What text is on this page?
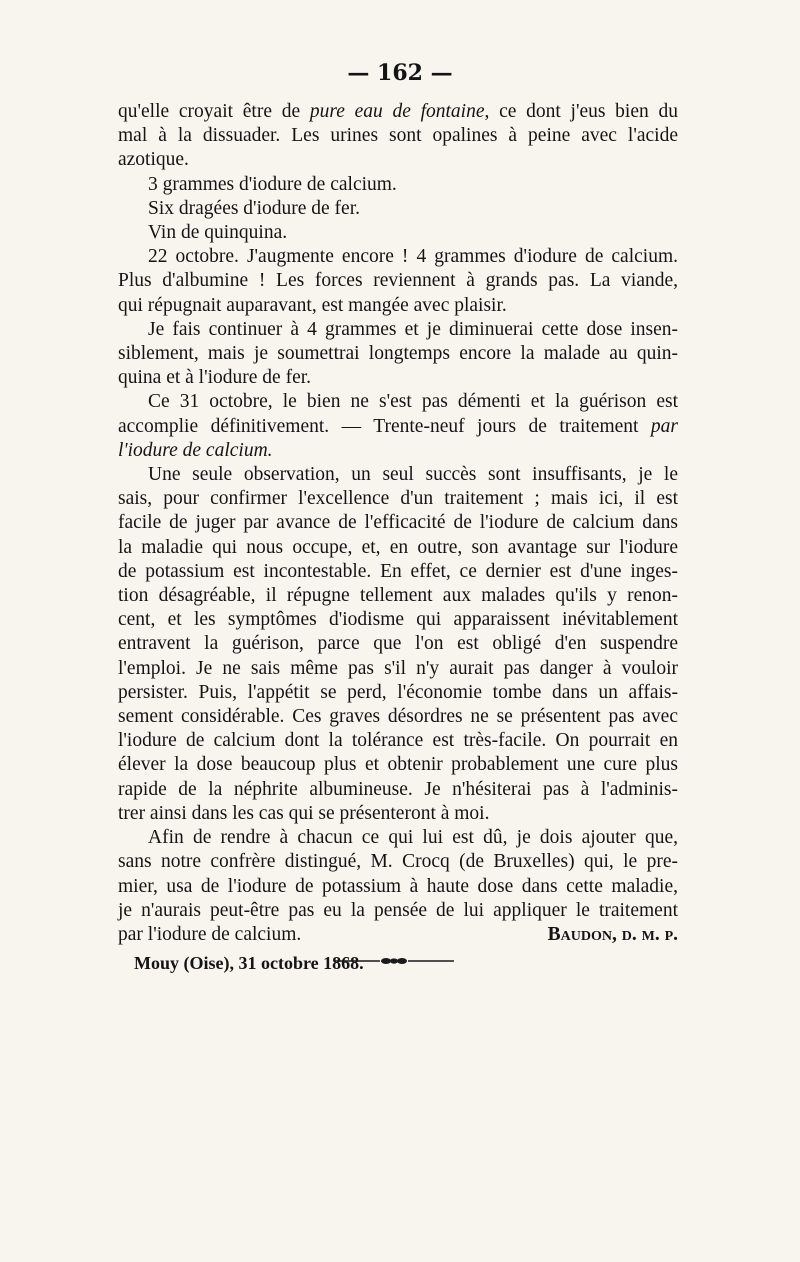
— 162 —
qu'elle croyait être de pure eau de fontaine, ce dont j'eus bien du
mal à la dissuader. Les urines sont opalines à peine avec l'acide
azotique.
3 grammes d'iodure de calcium.
Six dragées d'iodure de fer.
Vin de quinquina.
22 octobre. J'augmente encore ! 4 grammes d'iodure de calcium.
Plus d'albumine ! Les forces reviennent à grands pas. La viande,
qui répugnait auparavant, est mangée avec plaisir.
Je fais continuer à 4 grammes et je diminuerai cette dose insen-
siblement, mais je soumettrai longtemps encore la malade au quin-
quina et à l'iodure de fer.
Ce 31 octobre, le bien ne s'est pas démenti et la guérison est
accomplie définitivement. — Trente-neuf jours de traitement par
l'iodure de calcium.
Une seule observation, un seul succès sont insuffisants, je le
sais, pour confirmer l'excellence d'un traitement ; mais ici, il est
facile de juger par avance de l'efficacité de l'iodure de calcium dans
la maladie qui nous occupe, et, en outre, son avantage sur l'iodure
de potassium est incontestable. En effet, ce dernier est d'une inges-
tion désagréable, il répugne tellement aux malades qu'ils y renon-
cent, et les symptômes d'iodisme qui apparaissent inévitablement
entravent la guérison, parce que l'on est obligé d'en suspendre
l'emploi. Je ne sais même pas s'il n'y aurait pas danger à vouloir
persister. Puis, l'appétit se perd, l'économie tombe dans un affais-
sement considérable. Ces graves désordres ne se présentent pas avec
l'iodure de calcium dont la tolérance est très-facile. On pourrait en
élever la dose beaucoup plus et obtenir probablement une cure plus
rapide de la néphrite albumineuse. Je n'hésiterai pas à l'adminis-
trer ainsi dans les cas qui se présenteront à moi.
Afin de rendre à chacun ce qui lui est dû, je dois ajouter que,
sans notre confrère distingué, M. Crocq (de Bruxelles) qui, le pre-
mier, usa de l'iodure de potassium à haute dose dans cette maladie,
je n'aurais peut-être pas eu la pensée de lui appliquer le traitement
par l'iodure de calcium.	Baudon, d. m. p.
Mouy (Oise), 31 octobre 1868.
